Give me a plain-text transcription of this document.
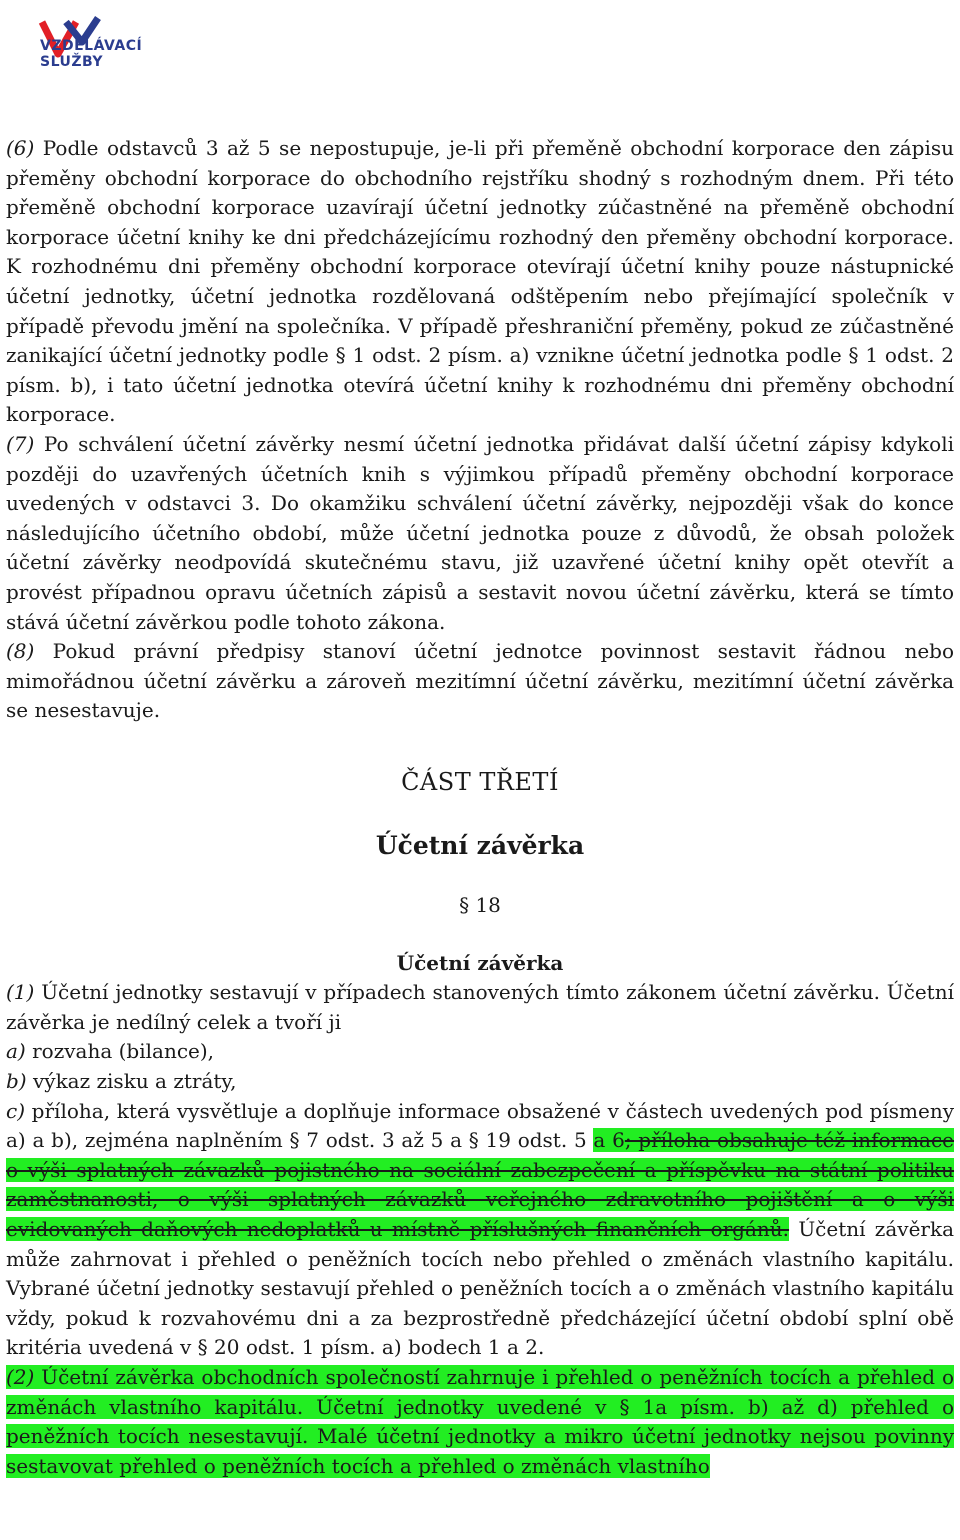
VZDĚLÁVACÍ
SLUŽBY

(6) Podle odstavců 3 až 5 se nepostupuje, je-li při přeměně obchodní korporace den zápisu přeměny obchodní korporace do obchodního rejstříku shodný s rozhodným dnem. Při této přeměně obchodní korporace uzavírají účetní jednotky zúčastněné na přeměně obchodní korporace účetní knihy ke dni předcházejícímu rozhodný den přeměny obchodní korporace. K rozhodnému dni přeměny obchodní korporace otevírají účetní knihy pouze nástupnické účetní jednotky, účetní jednotka rozdělovaná odštěpením nebo přejímající společník v případě převodu jmění na společníka. V případě přeshraniční přeměny, pokud ze zúčastněné zanikající účetní jednotky podle § 1 odst. 2 písm. a) vznikne účetní jednotka podle § 1 odst. 2 písm. b), i tato účetní jednotka otevírá účetní knihy k rozhodnému dni přeměny obchodní korporace.

(7) Po schválení účetní závěrky nesmí účetní jednotka přidávat další účetní zápisy kdykoli později do uzavřených účetních knih s výjimkou případů přeměny obchodní korporace uvedených v odstavci 3. Do okamžiku schválení účetní závěrky, nejpozději však do konce následujícího účetního období, může účetní jednotka pouze z důvodů, že obsah položek účetní závěrky neodpovídá skutečnému stavu, již uzavřené účetní knihy opět otevřít a provést případnou opravu účetních zápisů a sestavit novou účetní závěrku, která se tímto stává účetní závěrkou podle tohoto zákona.

(8) Pokud právní předpisy stanoví účetní jednotce povinnost sestavit řádnou nebo mimořádnou účetní závěrku a zároveň mezitímní účetní závěrku, mezitímní účetní závěrka se nesestavuje.

ČÁST TŘETÍ
Účetní závěrka
§ 18
Účetní závěrka

(1) Účetní jednotky sestavují v případech stanovených tímto zákonem účetní závěrku. Účetní závěrka je nedílný celek a tvoří ji

a) rozvaha (bilance),

b) výkaz zisku a ztráty,

c) příloha, která vysvětluje a doplňuje informace obsažené v částech uvedených pod písmeny a) a b), zejména naplněním § 7 odst. 3 až 5 a § 19 odst. 5 a 6; příloha obsahuje též informace o výši splatných závazků pojistného na sociální zabezpečení a příspěvku na státní politiku zaměstnanosti, o výši splatných závazků veřejného zdravotního pojištění a o výši evidovaných daňových nedoplatků u místně příslušných finančních orgánů. Účetní závěrka může zahrnovat i přehled o peněžních tocích nebo přehled o změnách vlastního kapitálu. Vybrané účetní jednotky sestavují přehled o peněžních tocích a o změnách vlastního kapitálu vždy, pokud k rozvahovému dni a za bezprostředně předcházející účetní období splní obě kritéria uvedená v § 20 odst. 1 písm. a) bodech 1 a 2.

(2) Účetní závěrka obchodních společností zahrnuje i přehled o peněžních tocích a přehled o změnách vlastního kapitálu. Účetní jednotky uvedené v § 1a písm. b) až d) přehled o peněžních tocích nesestavují. Malé účetní jednotky a mikro účetní jednotky nejsou povinny sestavovat přehled o peněžních tocích a přehled o změnách vlastního
